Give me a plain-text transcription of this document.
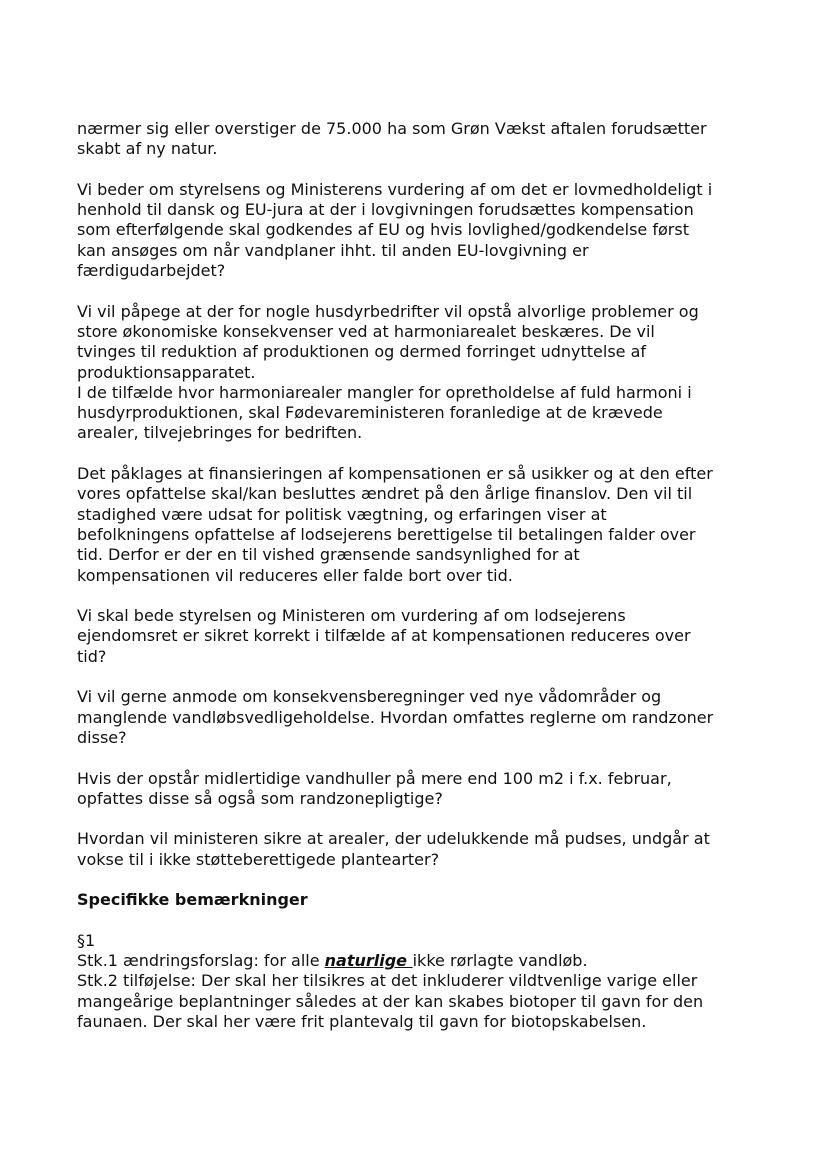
nærmer sig eller overstiger de 75.000 ha som Grøn Vækst aftalen forudsætter
skabt af ny natur.

Vi beder om styrelsens og Ministerens vurdering af om det er lovmedholdeligt i
henhold til dansk og EU-jura at der i lovgivningen forudsættes kompensation
som efterfølgende skal godkendes af EU og hvis lovlighed/godkendelse først
kan ansøges om når vandplaner ihht. til anden EU-lovgivning er
færdigudarbejdet?

Vi vil påpege at der for nogle husdyrbedrifter vil opstå alvorlige problemer og
store økonomiske konsekvenser ved at harmoniarealet beskæres. De vil
tvinges til reduktion af produktionen og dermed forringet udnyttelse af
produktionsapparatet.

I de tilfælde hvor harmoniarealer mangler for opretholdelse af fuld harmoni i
husdyrproduktionen, skal Fødevareministeren foranledige at de krævede
arealer, tilvejebringes for bedriften.

Det påklages at finansieringen af kompensationen er så usikker og at den efter
vores opfattelse skal/kan besluttes ændret på den årlige finanslov. Den vil til
stadighed være udsat for politisk vægtning, og erfaringen viser at
befolkningens opfattelse af lodsejerens berettigelse til betalingen falder over
tid. Derfor er der en til vished grænsende sandsynlighed for at
kompensationen vil reduceres eller falde bort over tid.

Vi skal bede styrelsen og Ministeren om vurdering af om lodsejerens
ejendomsret er sikret korrekt i tilfælde af at kompensationen reduceres over
tid?

Vi vil gerne anmode om konsekvensberegninger ved nye vådområder og
manglende vandløbsvedligeholdelse. Hvordan omfattes reglerne om randzoner
disse?

Hvis der opstår midlertidige vandhuller på mere end 100 m2 i f.x. februar,
opfattes disse så også som randzonepligtige?

Hvordan vil ministeren sikre at arealer, der udelukkende må pudses, undgår at
vokse til i ikke støtteberettigede plantearter?

Specifikke bemærkninger

§1

Stk.1 ændringsforslag: for alle naturlige ikke rørlagte vandløb.

Stk.2 tilføjelse: Der skal her tilsikres at det inkluderer vildtvenlige varige eller
mangeårige beplantninger således at der kan skabes biotoper til gavn for den
faunaen. Der skal her være frit plantevalg til gavn for biotopskabelsen.
